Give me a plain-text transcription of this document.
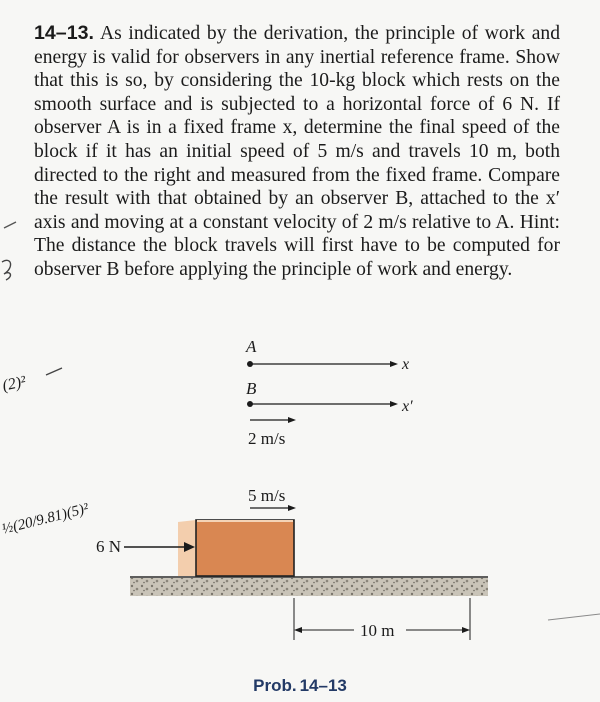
14–13. As indicated by the derivation, the principle of work and energy is valid for observers in any inertial reference frame. Show that this is so, by considering the 10-kg block which rests on the smooth surface and is subjected to a horizontal force of 6 N. If observer A is in a fixed frame x, determine the final speed of the block if it has an initial speed of 5 m/s and travels 10 m, both directed to the right and measured from the fixed frame. Compare the result with that obtained by an observer B, attached to the x′ axis and moving at a constant velocity of 2 m/s relative to A. Hint: The distance the block travels will first have to be computed for observer B before applying the principle of work and energy.
A
x
B
x′
2 m/s
5 m/s
6 N
10 m
(2)²
½(20/9.81)(5)²
Prob. 14–13
